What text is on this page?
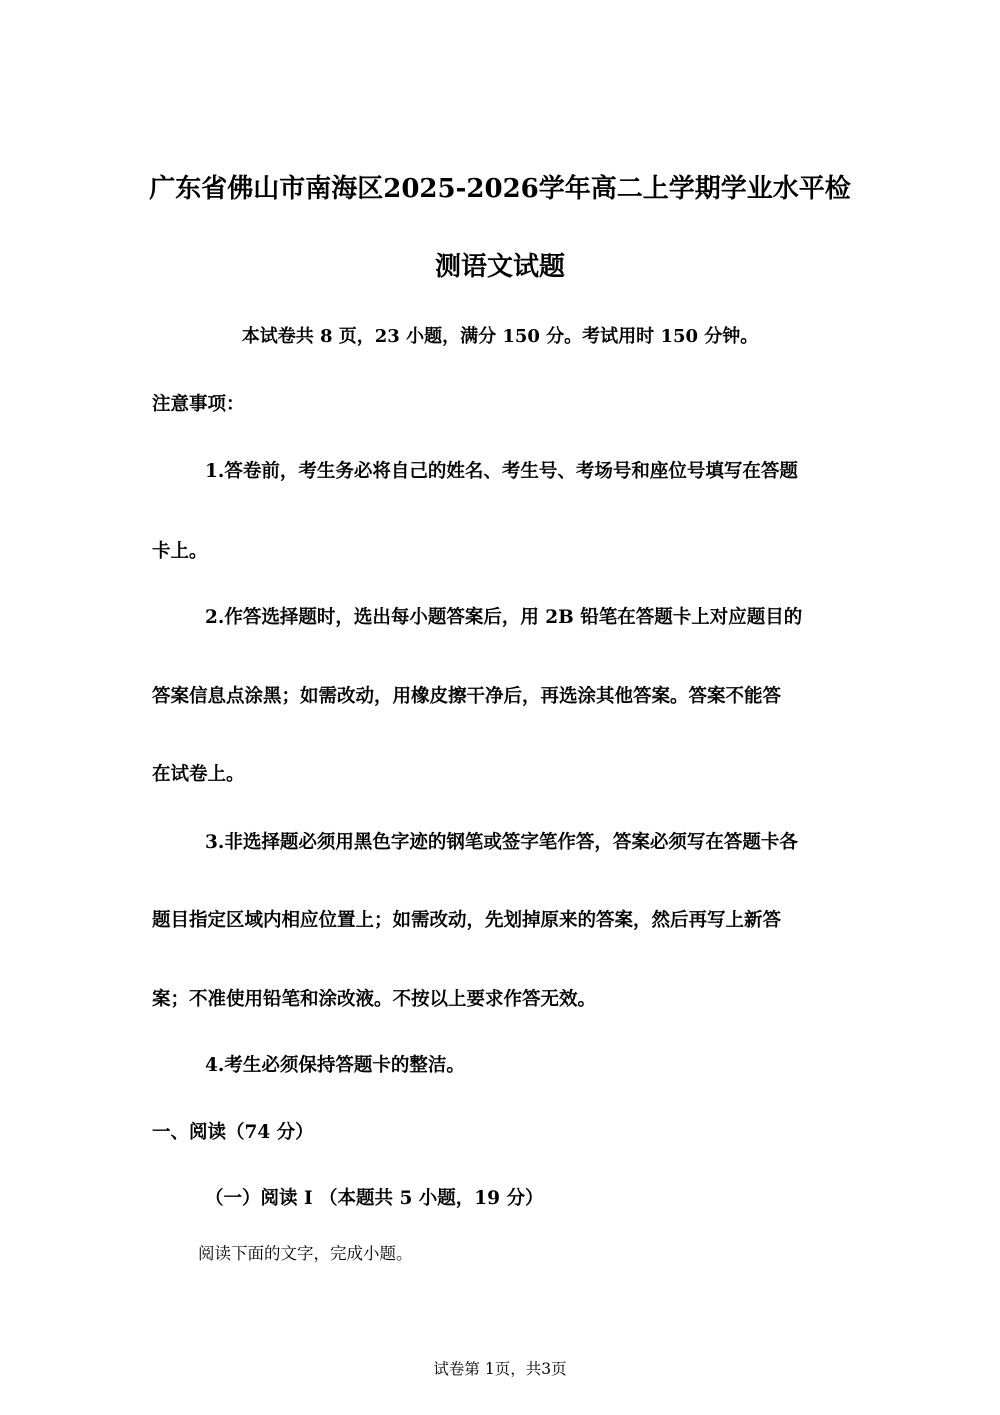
广东省佛山市南海区2025-2026学年高二上学期学业水平检
测语文试题
本试卷共 8 页，23 小题，满分 150 分。考试用时 150 分钟。
注意事项：
1.答卷前，考生务必将自己的姓名、考生号、考场号和座位号填写在答题
卡上。
2.作答选择题时，选出每小题答案后，用 2B 铅笔在答题卡上对应题目的
答案信息点涂黑；如需改动，用橡皮擦干净后，再选涂其他答案。答案不能答
在试卷上。
3.非选择题必须用黑色字迹的钢笔或签字笔作答，答案必须写在答题卡各
题目指定区域内相应位置上；如需改动，先划掉原来的答案，然后再写上新答
案；不准使用铅笔和涂改液。不按以上要求作答无效。
4.考生必须保持答题卡的整洁。
一、阅读（74 分）
（一）阅读 I （本题共 5 小题，19 分）
阅读下面的文字，完成小题。
试卷第 1页，共3页
